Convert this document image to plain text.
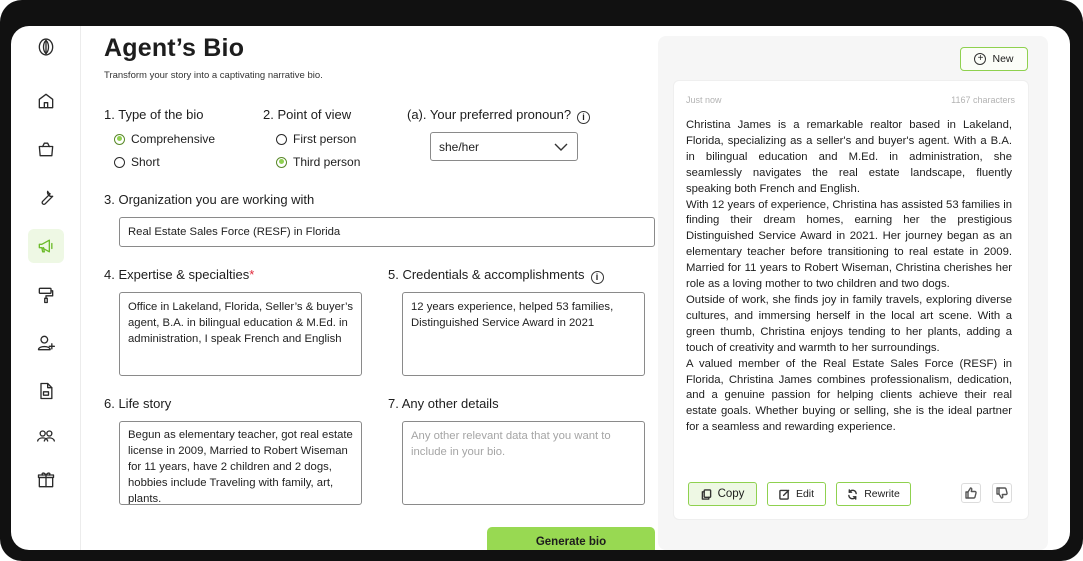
Agent’s Bio
Transform your story into a captivating narrative bio.
1. Type of the bio
Comprehensive
Short
2. Point of view
First person
Third person
(a). Your preferred pronoun? i
she/her
3. Organization you are working with
Real Estate Sales Force (RESF) in Florida
4. Expertise & specialties*
Office in Lakeland, Florida, Seller’s & buyer’s agent, B.A. in bilingual education & M.Ed. in administration, I speak French and English
5. Credentials & accomplishments i
12 years experience, helped 53 families, Distinguished Service Award in 2021
6. Life story
Begun as elementary teacher, got real estate license in 2009, Married to Robert Wiseman for 11 years, have 2 children and 2 dogs, hobbies include Traveling with family, art, plants.
7. Any other details
Any other relevant data that you want to include in your bio.
Generate bio
+ New
Just now	1167 characters

Christina James is a remarkable realtor based in Lakeland, Florida, specializing as a seller's and buyer's agent. With a B.A. in bilingual education and M.Ed. in administration, she seamlessly navigates the real estate landscape, fluently speaking both French and English.

With 12 years of experience, Christina has assisted 53 families in finding their dream homes, earning her the prestigious Distinguished Service Award in 2021. Her journey began as an elementary teacher before transitioning to real estate in 2009. Married for 11 years to Robert Wiseman, Christina cherishes her role as a loving mother to two children and two dogs.

Outside of work, she finds joy in family travels, exploring diverse cultures, and immersing herself in the local art scene. With a green thumb, Christina enjoys tending to her plants, adding a touch of creativity and warmth to her surroundings.

A valued member of the Real Estate Sales Force (RESF) in Florida, Christina James combines professionalism, dedication, and a genuine passion for helping clients achieve their real estate goals. Whether buying or selling, she is the ideal partner for a seamless and rewarding experience.

Copy	Edit	Rewrite
